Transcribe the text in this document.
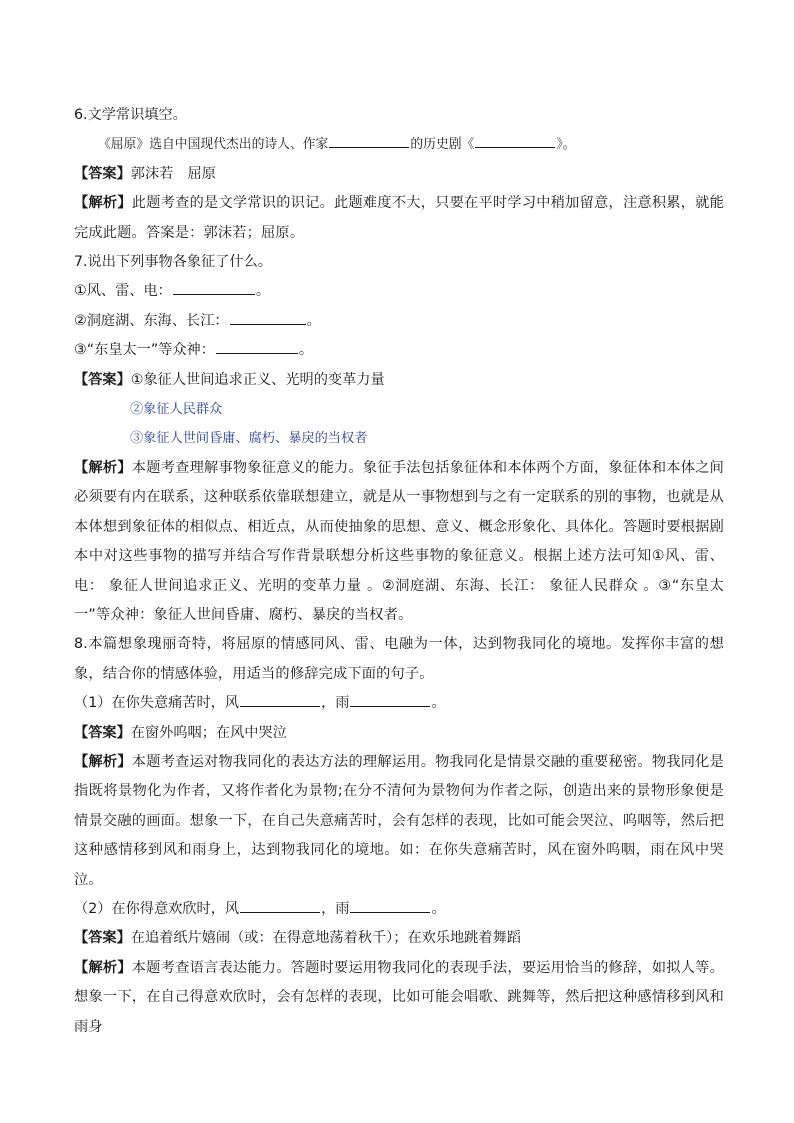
6.文学常识填空。
《屈原》选自中国现代杰出的诗人、作家	的历史剧《	》。
【答案】郭沫若　屈原
【解析】此题考查的是文学常识的识记。此题难度不大，只要在平时学习中稍加留意，注意积累，就能完成此题。答案是：郭沫若；屈原。
7.说出下列事物各象征了什么。
①风、雷、电：	。
②洞庭湖、东海、长江：	。
③“东皇太一”等众神：	。
【答案】①象征人世间追求正义、光明的变革力量
②象征人民群众
③象征人世间昏庸、腐朽、暴戾的当权者
【解析】本题考查理解事物象征意义的能力。象征手法包括象征体和本体两个方面，象征体和本体之间必须要有内在联系，这种联系依靠联想建立，就是从一事物想到与之有一定联系的别的事物，也就是从本体想到象征体的相似点、相近点，从而使抽象的思想、意义、概念形象化、具体化。答题时要根据剧本中对这些事物的描写并结合写作背景联想分析这些事物的象征意义。根据上述方法可知①风、雷、电： 象征人世间追求正义、光明的变革力量 。②洞庭湖、东海、长江： 象征人民群众 。③“东皇太一”等众神：象征人世间昏庸、腐朽、暴戾的当权者。
8.本篇想象瑰丽奇特，将屈原的情感同风、雷、电融为一体，达到物我同化的境地。发挥你丰富的想象，结合你的情感体验，用适当的修辞完成下面的句子。
（1）在你失意痛苦时，风	，雨	。
【答案】在窗外呜咽；在风中哭泣
【解析】本题考查运对物我同化的表达方法的理解运用。物我同化是情景交融的重要秘密。物我同化是指既将景物化为作者，又将作者化为景物;在分不清何为景物何为作者之际，创造出来的景物形象便是情景交融的画面。想象一下，在自己失意痛苦时，会有怎样的表现，比如可能会哭泣、呜咽等，然后把这种感情移到风和雨身上，达到物我同化的境地。如：在你失意痛苦时，风在窗外呜咽，雨在风中哭泣。
（2）在你得意欢欣时，风	，雨	。
【答案】在追着纸片嬉闹（或：在得意地荡着秋千）；在欢乐地跳着舞蹈
【解析】本题考查语言表达能力。答题时要运用物我同化的表现手法，要运用恰当的修辞，如拟人等。想象一下，在自己得意欢欣时，会有怎样的表现，比如可能会唱歌、跳舞等，然后把这种感情移到风和雨身
